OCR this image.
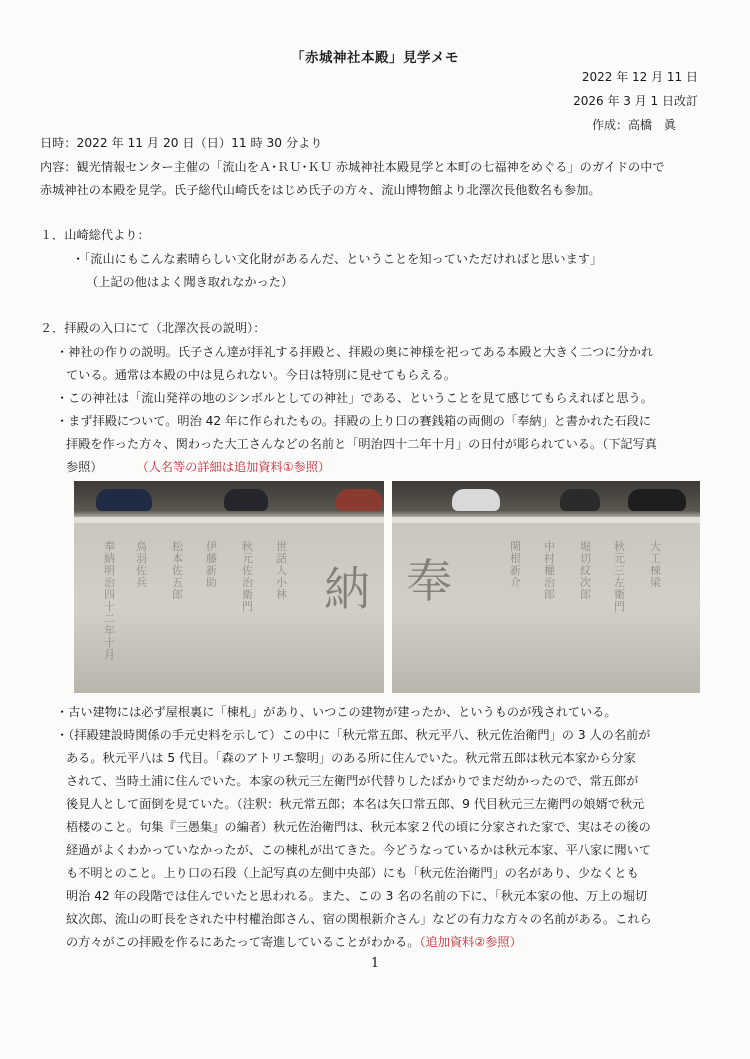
「赤城神社本殿」見学メモ
2022 年 12 月 11 日
2026 年 3 月 1 日改訂
作成：高橋　眞
日時：2022 年 11 月 20 日（日）11 時 30 分より
内容：観光情報センター主催の「流山をＡ･ＲＵ･ＫＵ 赤城神社本殿見学と本町の七福神をめぐる」のガイドの中で
赤城神社の本殿を見学。氏子総代山崎氏をはじめ氏子の方々、流山博物館より北澤次長他数名も参加。
１．山崎総代より：
・「流山にもこんな素晴らしい文化財があるんだ、ということを知っていただければと思います」
（上記の他はよく聞き取れなかった）
２．拝殿の入口にて（北澤次長の説明）：
・神社の作りの説明。氏子さん達が拝礼する拝殿と、拝殿の奥に神様を祀ってある本殿と大きく二つに分かれ
ている。通常は本殿の中は見られない。今日は特別に見せてもらえる。
・この神社は「流山発祥の地のシンボルとしての神社」である、ということを見て感じてもらえればと思う。
・まず拝殿について。明治 42 年に作られたもの。拝殿の上り口の賽銭箱の両側の「奉納」と書かれた石段に
拝殿を作った方々、関わった大工さんなどの名前と「明治四十二年十月」の日付が彫られている。（下記写真
参照）	（人名等の詳細は追加資料①参照）
奉納明治四十二年十月
鳥羽佐兵
松本佐五郎
伊藤新助
秋元佐治衛門
世話人小林 納 奉
関根新介
中村權治郎
堀切紋次郎
秋元三左衛門
大工棟梁
・古い建物には必ず屋根裏に「棟札」があり、いつこの建物が建ったか、というものが残されている。
・（拝殿建設時関係の手元史料を示して）この中に「秋元常五郎、秋元平八、秋元佐治衛門」の 3 人の名前が
ある。秋元平八は 5 代目。「森のアトリエ黎明」のある所に住んでいた。秋元常五郎は秋元本家から分家
されて、当時土浦に住んでいた。本家の秋元三左衛門が代替りしたばかりでまだ幼かったので、常五郎が
後見人として面倒を見ていた。（注釈：秋元常五郎；本名は矢口常五郎、9 代目秋元三左衛門の娘婿で秋元
梧楼のこと。句集『三愚集』の編者）秋元佐治衛門は、秋元本家２代の頃に分家された家で、実はその後の
経過がよくわかっていなかったが、この棟札が出てきた。今どうなっているかは秋元本家、平八家に聞いて
も不明とのこと。上り口の石段（上記写真の左側中央部）にも「秋元佐治衛門」の名があり、少なくとも
明治 42 年の段階では住んでいたと思われる。また、この 3 名の名前の下に、「秋元本家の他、万上の堀切
紋次郎、流山の町長をされた中村權治郎さん、宿の関根新介さん」などの有力な方々の名前がある。これら
の方々がこの拝殿を作るにあたって寄進していることがわかる。（追加資料②参照）
1
